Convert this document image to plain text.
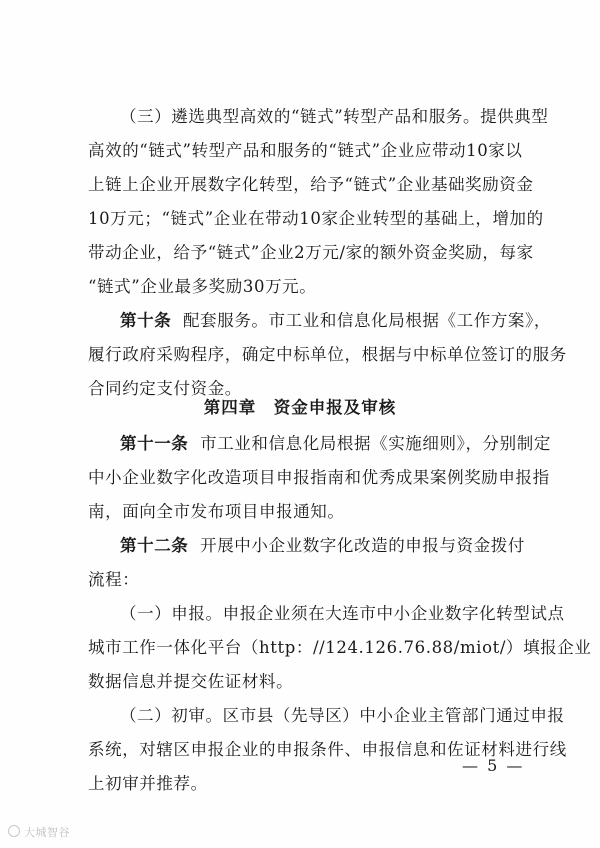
（三）遴选典型高效的“链式”转型产品和服务。提供典型
高效的“链式”转型产品和服务的“链式”企业应带动10家以
上链上企业开展数字化转型，给予“链式”企业基础奖励资金
10万元；“链式”企业在带动10家企业转型的基础上，增加的
带动企业，给予“链式”企业2万元/家的额外资金奖励，每家
“链式”企业最多奖励30万元。
第十条 配套服务。市工业和信息化局根据《工作方案》，
履行政府采购程序，确定中标单位，根据与中标单位签订的服务
合同约定支付资金。
第四章　资金申报及审核
第十一条 市工业和信息化局根据《实施细则》，分别制定
中小企业数字化改造项目申报指南和优秀成果案例奖励申报指
南，面向全市发布项目申报通知。
第十二条 开展中小企业数字化改造的申报与资金拨付
流程：
（一）申报。申报企业须在大连市中小企业数字化转型试点
城市工作一体化平台（http：//124.126.76.88/miot/）填报企业
数据信息并提交佐证材料。
（二）初审。区市县（先导区）中小企业主管部门通过申报
系统，对辖区申报企业的申报条件、申报信息和佐证材料进行线
上初审并推荐。
— 5 —
大城智谷
